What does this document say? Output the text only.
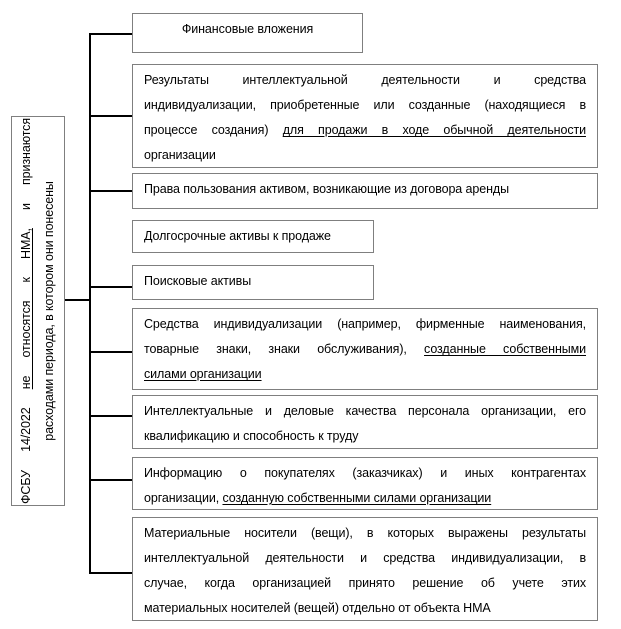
ФСБУ 14/2022 не относятся к НМА, и признаются
расходами периода, в котором они понесены
Финансовые вложения
Результаты интеллектуальной деятельности и средства
индивидуализации, приобретенные или созданные (находящиеся в
процессе создания) для продажи в ходе обычной деятельности
организации
Права пользования активом, возникающие из договора аренды
Долгосрочные активы к продаже
Поисковые активы
Средства индивидуализации (например, фирменные наименования,
товарные знаки, знаки обслуживания), созданные собственными
силами организации
Интеллектуальные и деловые качества персонала организации, его
квалификацию и способность к труду
Информацию о покупателях (заказчиках) и иных контрагентах
организации, созданную собственными силами организации
Материальные носители (вещи), в которых выражены результаты
интеллектуальной деятельности и средства индивидуализации, в
случае, когда организацией принято решение об учете этих
материальных носителей (вещей) отдельно от объекта НМА
